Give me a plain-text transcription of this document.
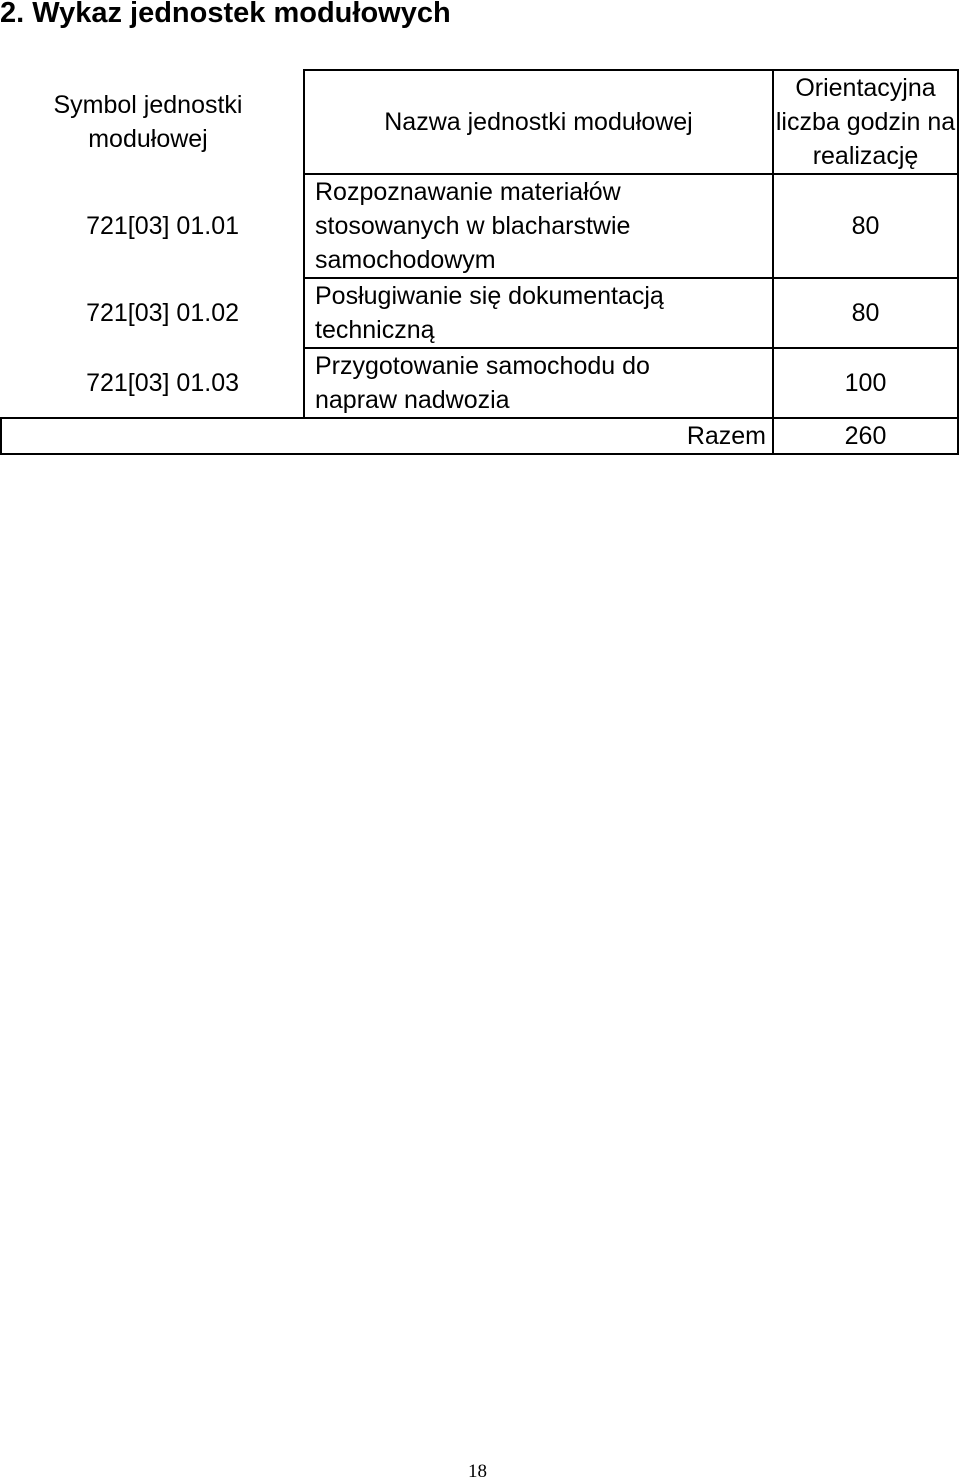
2. Wykaz jednostek modułowych
Symbol jednostki modułowej	Nazwa jednostki modułowej	Orientacyjna liczba godzin na realizację
721[03] 01.01	Rozpoznawanie materiałów stosowanych w blacharstwie samochodowym	80
721[03] 01.02	Posługiwanie się dokumentacją techniczną	80
721[03] 01.03	Przygotowanie samochodu do napraw nadwozia	100
Razem		260
18
